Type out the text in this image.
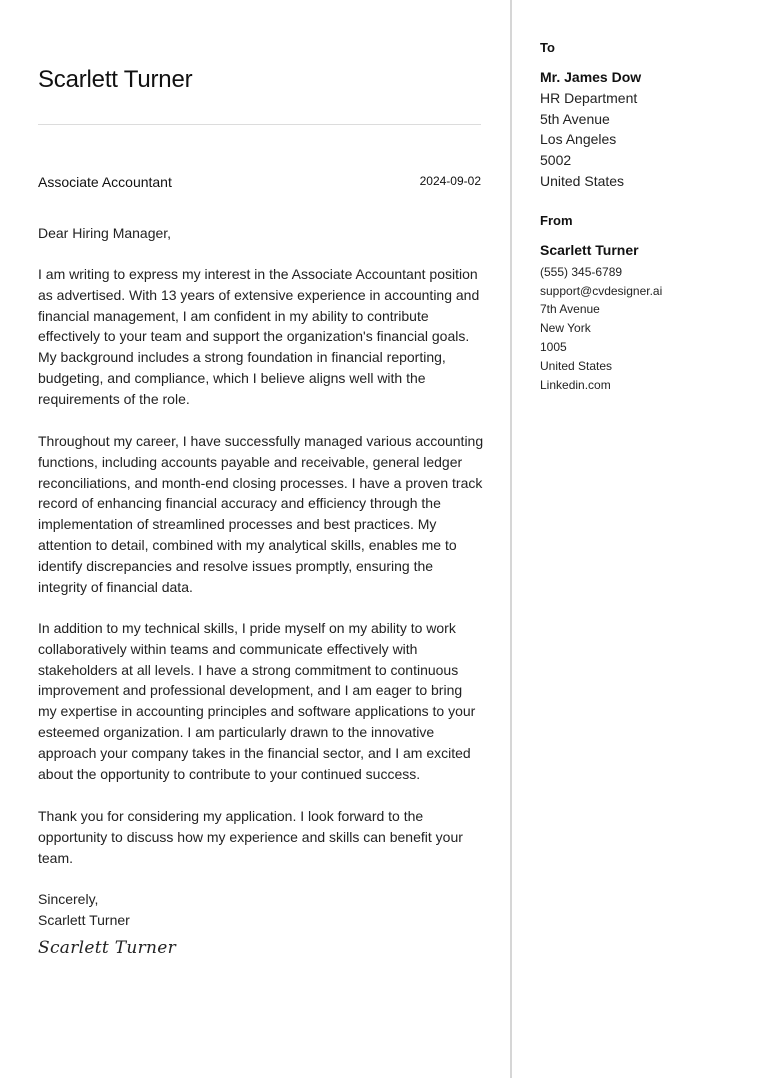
Scarlett Turner
Associate Accountant	2024-09-02
Dear Hiring Manager,
I am writing to express my interest in the Associate Accountant position as advertised. With 13 years of extensive experience in accounting and financial management, I am confident in my ability to contribute effectively to your team and support the organization's financial goals. My background includes a strong foundation in financial reporting, budgeting, and compliance, which I believe aligns well with the requirements of the role.
Throughout my career, I have successfully managed various accounting functions, including accounts payable and receivable, general ledger reconciliations, and month-end closing processes. I have a proven track record of enhancing financial accuracy and efficiency through the implementation of streamlined processes and best practices. My attention to detail, combined with my analytical skills, enables me to identify discrepancies and resolve issues promptly, ensuring the integrity of financial data.
In addition to my technical skills, I pride myself on my ability to work collaboratively within teams and communicate effectively with stakeholders at all levels. I have a strong commitment to continuous improvement and professional development, and I am eager to bring my expertise in accounting principles and software applications to your esteemed organization. I am particularly drawn to the innovative approach your company takes in the financial sector, and I am excited about the opportunity to contribute to your continued success.
Thank you for considering my application. I look forward to the opportunity to discuss how my experience and skills can benefit your team.
Sincerely,
Scarlett Turner
Scarlett Turner
To
Mr. James Dow
HR Department
5th Avenue
Los Angeles
5002
United States
From
Scarlett Turner
(555) 345-6789
support@cvdesigner.ai
7th Avenue
New York
1005
United States
Linkedin.com
